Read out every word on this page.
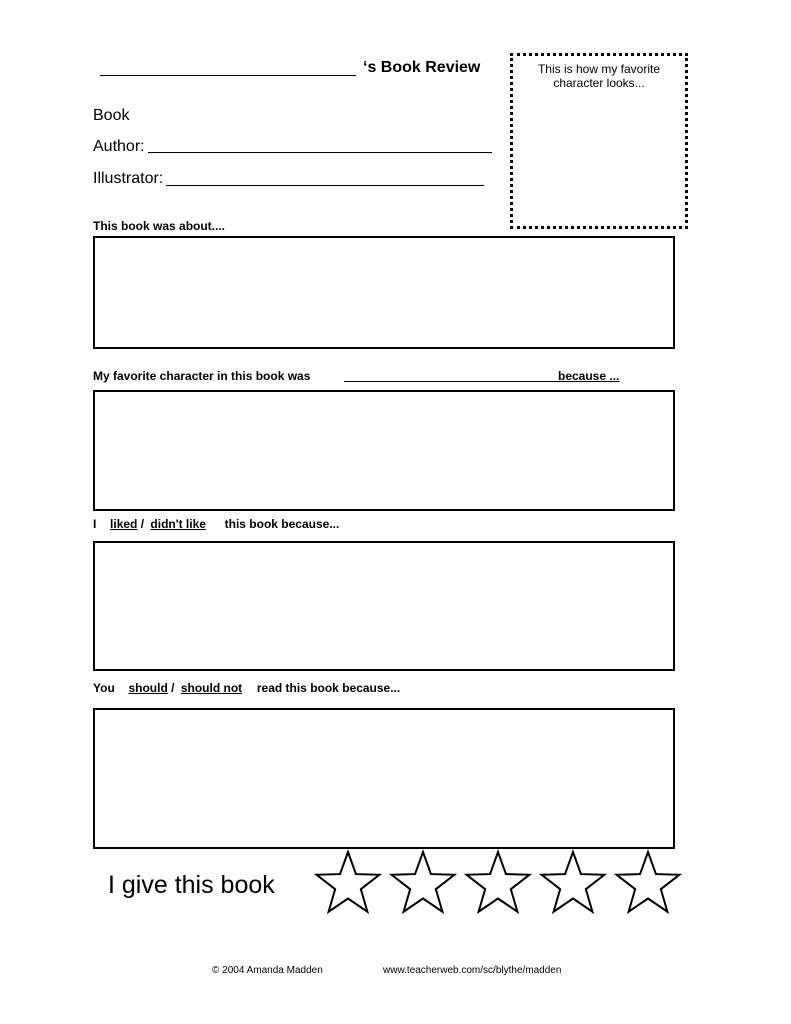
‘s Book Review
Book
Author:
Illustrator:
This is how my favorite
character looks...
This book was about....
My favorite character in this book was	because ...
I liked / didn't like this book because...
You should / should not read this book because...
I give this book
© 2004 Amanda Madden	www.teacherweb.com/sc/blythe/madden
